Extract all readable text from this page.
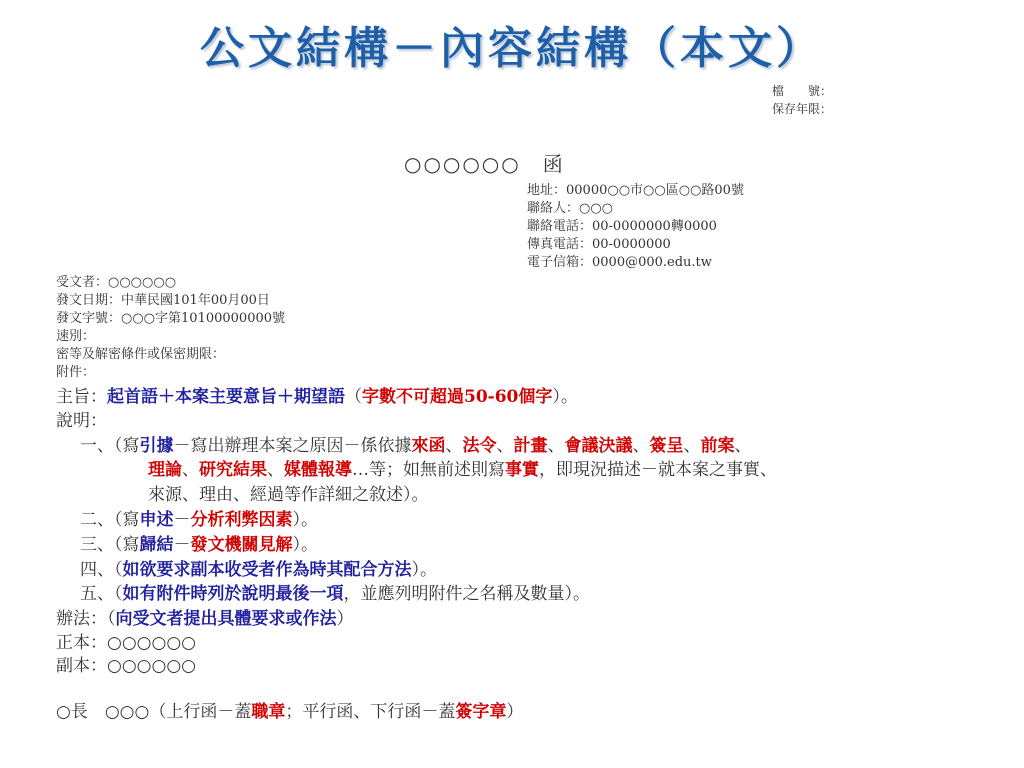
公文結構－內容結構（本文）
檔　　號：
保存年限：
○○○○○○　函
地址：00000○○市○○區○○路00號
聯絡人：○○○
聯絡電話：00-0000000轉0000
傳真電話：00-0000000
電子信箱：0000@000.edu.tw
受文者：○○○○○○
發文日期：中華民國101年00月00日
發文字號：○○○字第10100000000號
速別：
密等及解密條件或保密期限：
附件：
主旨：起首語＋本案主要意旨＋期望語（字數不可超過50-60個字）。
說明：
一、（寫引據－寫出辦理本案之原因－係依據來函、法令、計畫、會議決議、簽呈、前案、
理論、研究結果、媒體報導…等；如無前述則寫事實，即現況描述－就本案之事實、
來源、理由、經過等作詳細之敘述）。
二、（寫申述－分析利弊因素）。
三、（寫歸結－發文機關見解）。
四、（如欲要求副本收受者作為時其配合方法）。
五、（如有附件時列於說明最後一項，並應列明附件之名稱及數量）。
辦法：（向受文者提出具體要求或作法）
正本：○○○○○○
副本：○○○○○○
○長　○○○（上行函－蓋職章；平行函、下行函－蓋簽字章）
